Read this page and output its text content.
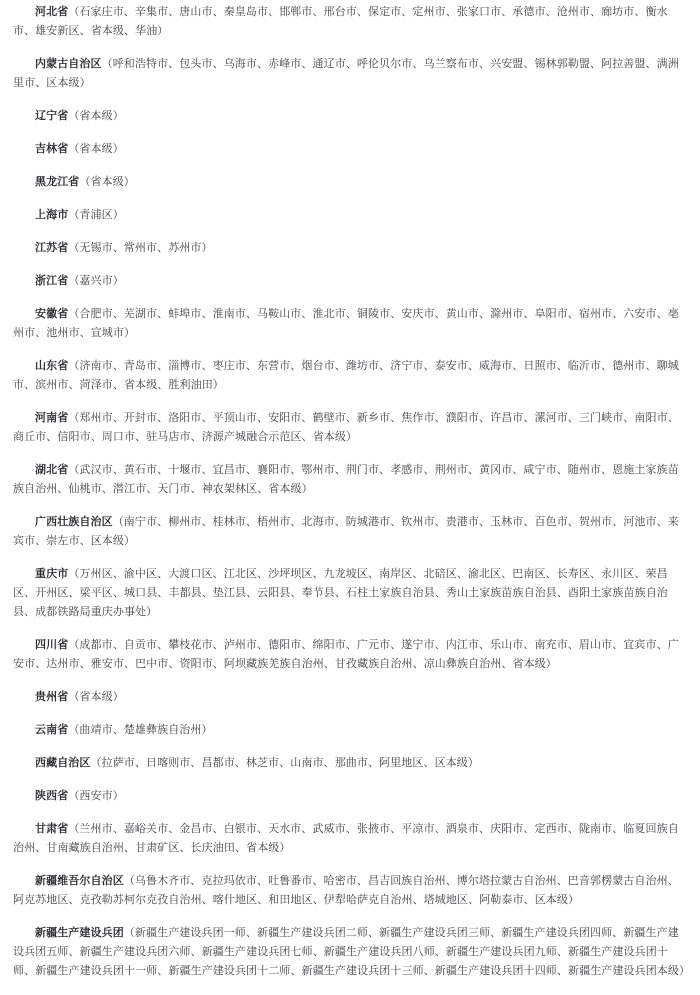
河北省（石家庄市、辛集市、唐山市、秦皇岛市、邯郸市、邢台市、保定市、定州市、张家口市、承德市、沧州市、廊坊市、衡水市、雄安新区、省本级、华油）

内蒙古自治区（呼和浩特市、包头市、乌海市、赤峰市、通辽市、呼伦贝尔市、乌兰察布市、兴安盟、锡林郭勒盟、阿拉善盟、满洲里市、区本级）

辽宁省（省本级）

吉林省（省本级）

黑龙江省（省本级）

上海市（青浦区）

江苏省（无锡市、常州市、苏州市）

浙江省（嘉兴市）

安徽省（合肥市、芜湖市、蚌埠市、淮南市、马鞍山市、淮北市、铜陵市、安庆市、黄山市、滁州市、阜阳市、宿州市、六安市、亳州市、池州市、宣城市）

山东省（济南市、青岛市、淄博市、枣庄市、东营市、烟台市、潍坊市、济宁市、泰安市、威海市、日照市、临沂市、德州市、聊城市、滨州市、菏泽市、省本级、胜利油田）

河南省（郑州市、开封市、洛阳市、平顶山市、安阳市、鹤壁市、新乡市、焦作市、濮阳市、许昌市、漯河市、三门峡市、南阳市、商丘市、信阳市、周口市、驻马店市、济源产城融合示范区、省本级）

湖北省（武汉市、黄石市、十堰市、宜昌市、襄阳市、鄂州市、荆门市、孝感市、荆州市、黄冈市、咸宁市、随州市、恩施土家族苗族自治州、仙桃市、潜江市、天门市、神农架林区、省本级）

广西壮族自治区（南宁市、柳州市、桂林市、梧州市、北海市、防城港市、钦州市、贵港市、玉林市、百色市、贺州市、河池市、来宾市、崇左市、区本级）

重庆市（万州区、渝中区、大渡口区、江北区、沙坪坝区、九龙坡区、南岸区、北碚区、渝北区、巴南区、长寿区、永川区、荣昌区、开州区、梁平区、城口县、丰都县、垫江县、云阳县、奉节县、石柱土家族自治县、秀山土家族苗族自治县、酉阳土家族苗族自治县、成都铁路局重庆办事处）

四川省（成都市、自贡市、攀枝花市、泸州市、德阳市、绵阳市、广元市、遂宁市、内江市、乐山市、南充市、眉山市、宜宾市、广安市、达州市、雅安市、巴中市、资阳市、阿坝藏族羌族自治州、甘孜藏族自治州、凉山彝族自治州、省本级）

贵州省（省本级）

云南省（曲靖市、楚雄彝族自治州）

西藏自治区（拉萨市、日喀则市、昌都市、林芝市、山南市、那曲市、阿里地区、区本级）

陕西省（西安市）

甘肃省（兰州市、嘉峪关市、金昌市、白银市、天水市、武威市、张掖市、平凉市、酒泉市、庆阳市、定西市、陇南市、临夏回族自治州、甘南藏族自治州、甘肃矿区、长庆油田、省本级）

新疆维吾尔自治区（乌鲁木齐市、克拉玛依市、吐鲁番市、哈密市、昌吉回族自治州、博尔塔拉蒙古自治州、巴音郭楞蒙古自治州、阿克苏地区、克孜勒苏柯尔克孜自治州、喀什地区、和田地区、伊犁哈萨克自治州、塔城地区、阿勒泰市、区本级）

新疆生产建设兵团（新疆生产建设兵团一师、新疆生产建设兵团二师、新疆生产建设兵团三师、新疆生产建设兵团四师、新疆生产建设兵团五师、新疆生产建设兵团六师、新疆生产建设兵团七师、新疆生产建设兵团八师、新疆生产建设兵团九师、新疆生产建设兵团十师、新疆生产建设兵团十一师、新疆生产建设兵团十二师、新疆生产建设兵团十三师、新疆生产建设兵团十四师、新疆生产建设兵团本级）
